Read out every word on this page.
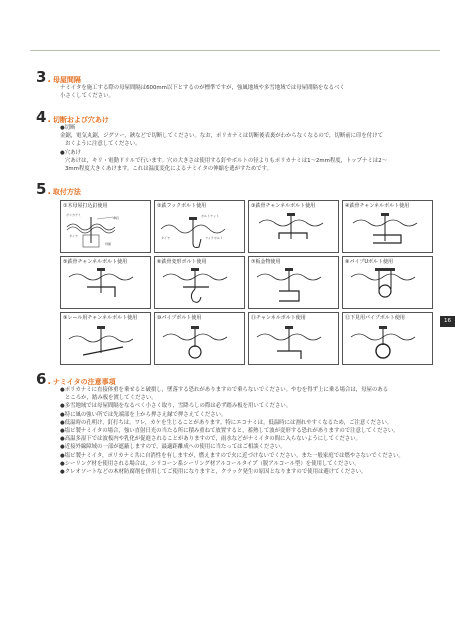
3 . 母屋間隔
ナミイタを施工する際の母屋間隔は600mm以下とするのが標準ですが，強風地域や多雪地域では母屋間隔をなるべく
小さくしてください。
4 . 切断および穴あけ
●切断
金鋸，電気丸鋸，ジグソー，鋏などで切断してください。なお，ポリカナミは切断後表裏がわからなくなるので，切断前に印を付けて
おくように注意してください。
●穴あけ
穴あけは，キリ・電動ドリルで行います。穴の大きさは使用する釘やボルトの径よりもポリカナミは1～2mm程度，トップナミは2～
3mm程度大きくあけます。これは温度変化によるナミイタの伸縮を逃がすためです。
5 . 取付方法
①木母屋打込釘使用
ポリカナミ
傘釘
タイヤ
母屋
②鉄フックボルト使用
ボルトナット
タイヤ	フックボルト
③鉄骨チャンネルボルト使用	④鉄骨チャンネルボルト使用
⑤鉄骨チャンネルボルト使用	⑥鉄骨変形ボルト使用	⑦板金物使用	⑧パイプUボルト使用
⑨レール用チャンネルボルト使用	⑩パイプボルト使用	⑪チャンネルボルト使用	⑫下見用パイプボルト使用	16
6 . ナミイタの注意事項
●ポリカナミに直接体重を乗せると破損し，墜落する恐れがありますので乗らないでください。やむを得ず上に乗る場合は，母屋のある
ところか，踏み板を渡してください。
●多雪地域では母屋間隔をなるべく小さく取り，雪降ろしの際は必ず踏み板を用いてください。
●特に風の強い所では先端部を上から押さえ縁で押さえてください。
●低温時の孔明け，釘打ちは，ワレ，カケを生じることがあります。特にエコナミは，低温時には割れやすくなるため，ご注意ください。
●塩ビ製ナミイタの場合，強い直射日光の当たる所に積み重ねて放置すると，蓄熱して波が変形する恐れがありますので注意してください。
●高温多湿下では波板内や乳化が促進されることがありますので，雨水などがナミイタの間に入らないようにしてください。
●近接外線障域の一部が遮蔽しますので，最適距離成への使用に当たってはご相談ください。
●塩ビ製ナミイタ，ポリカナミ共に自消性を有しますが，燃えますので火に近づけないでください。また一般家庭では燃やさないでください。
●シーリング材を使用される場合は，シリコーン系シーリング材アルコールタイプ（脱アルコール型）を使用してください。
●クレオソートなどの木材防腐剤を併用してご使用になりますと，クラック発生の原因となりますので使用は避けてください。
